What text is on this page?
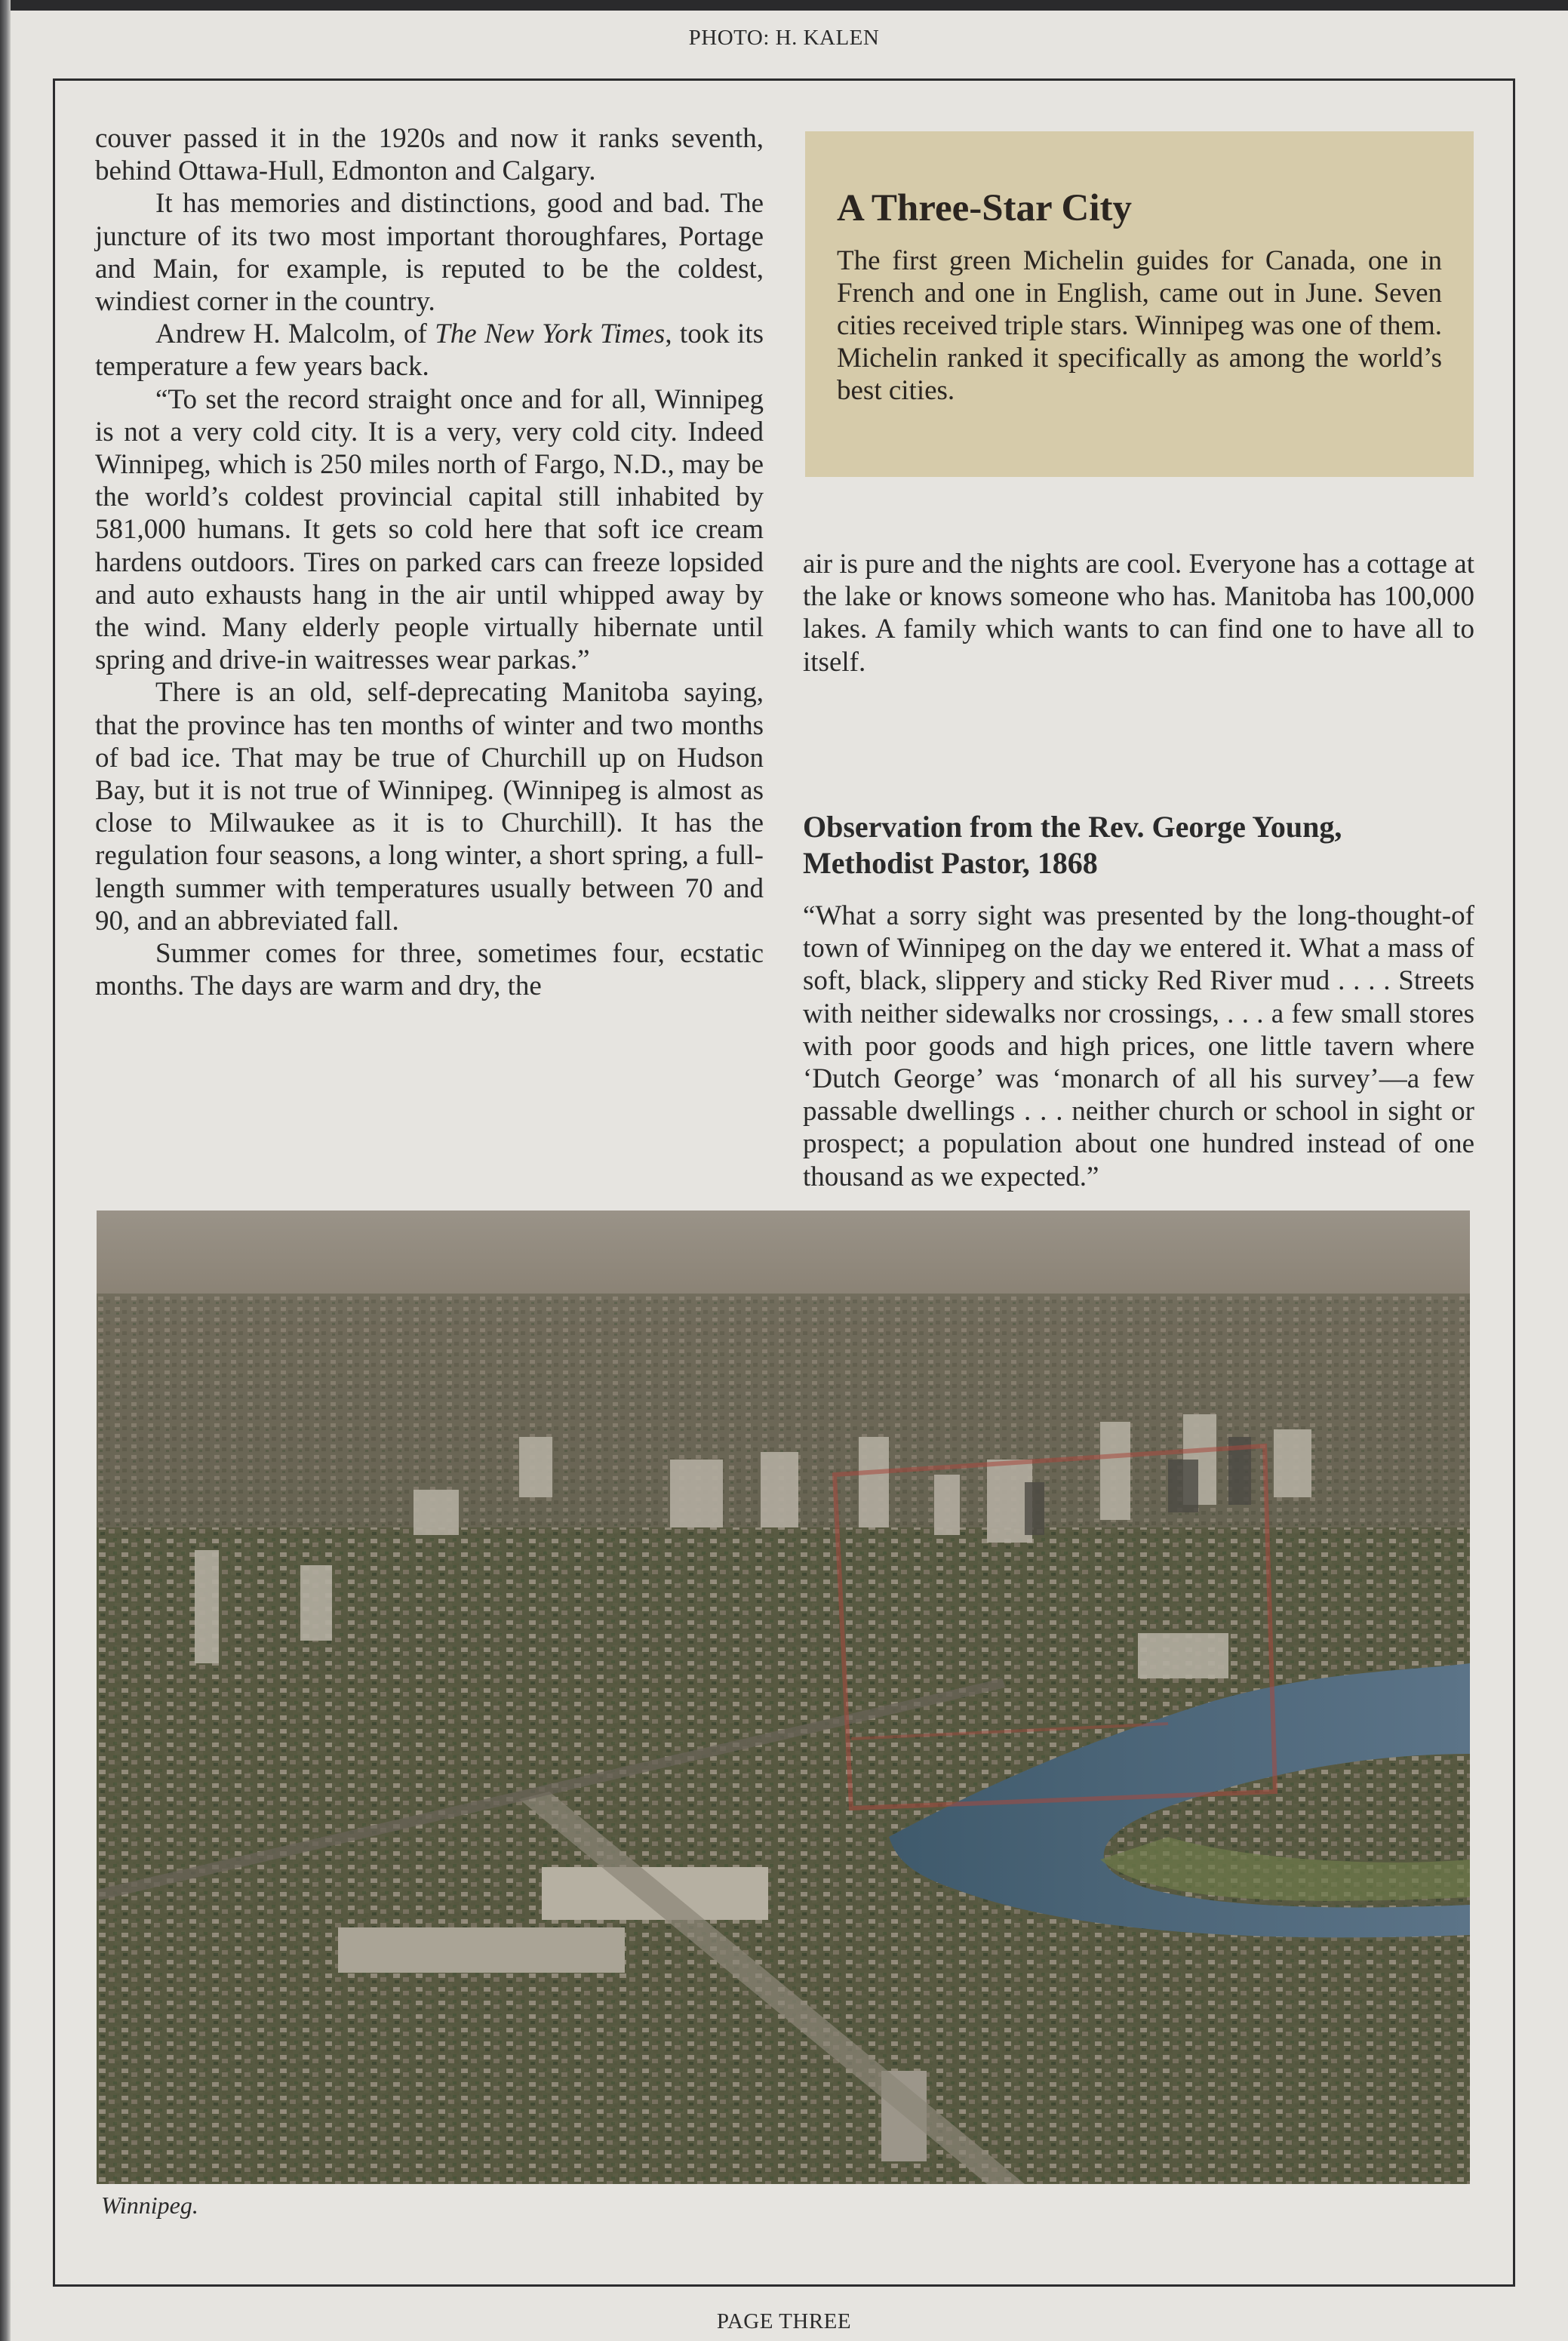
PHOTO: H. KALEN

couver passed it in the 1920s and now it ranks seventh, behind Ottawa-Hull, Edmonton and Calgary.

It has memories and distinctions, good and bad. The juncture of its two most important thoroughfares, Portage and Main, for example, is reputed to be the coldest, windiest corner in the country.

Andrew H. Malcolm, of The New York Times, took its temperature a few years back.

“To set the record straight once and for all, Winnipeg is not a very cold city. It is a very, very cold city. Indeed Winnipeg, which is 250 miles north of Fargo, N.D., may be the world’s coldest provincial capital still inhabited by 581,000 humans. It gets so cold here that soft ice cream hardens outdoors. Tires on parked cars can freeze lopsided and auto exhausts hang in the air until whipped away by the wind. Many elderly people virtually hibernate until spring and drive-in waitresses wear parkas.”

There is an old, self-deprecating Manitoba saying, that the province has ten months of winter and two months of bad ice. That may be true of Churchill up on Hudson Bay, but it is not true of Winnipeg. (Winnipeg is almost as close to Milwaukee as it is to Churchill). It has the regulation four seasons, a long winter, a short spring, a full-length summer with temperatures usually between 70 and 90, and an abbreviated fall.

Summer comes for three, sometimes four, ecstatic months. The days are warm and dry, the

A Three-Star City

The first green Michelin guides for Canada, one in French and one in English, came out in June. Seven cities received triple stars. Winnipeg was one of them. Michelin ranked it specifically as among the world’s best cities.

air is pure and the nights are cool. Everyone has a cottage at the lake or knows someone who has. Manitoba has 100,000 lakes. A family which wants to can find one to have all to itself.

Observation from the Rev. George Young, Methodist Pastor, 1868

“What a sorry sight was presented by the long-thought-of town of Winnipeg on the day we entered it. What a mass of soft, black, slippery and sticky Red River mud . . . . Streets with neither sidewalks nor crossings, . . . a few small stores with poor goods and high prices, one little tavern where ‘Dutch George’ was ‘monarch of all his survey’—a few passable dwellings . . . neither church or school in sight or prospect; a population about one hundred instead of one thousand as we expected.”

Winnipeg.
PAGE THREE
